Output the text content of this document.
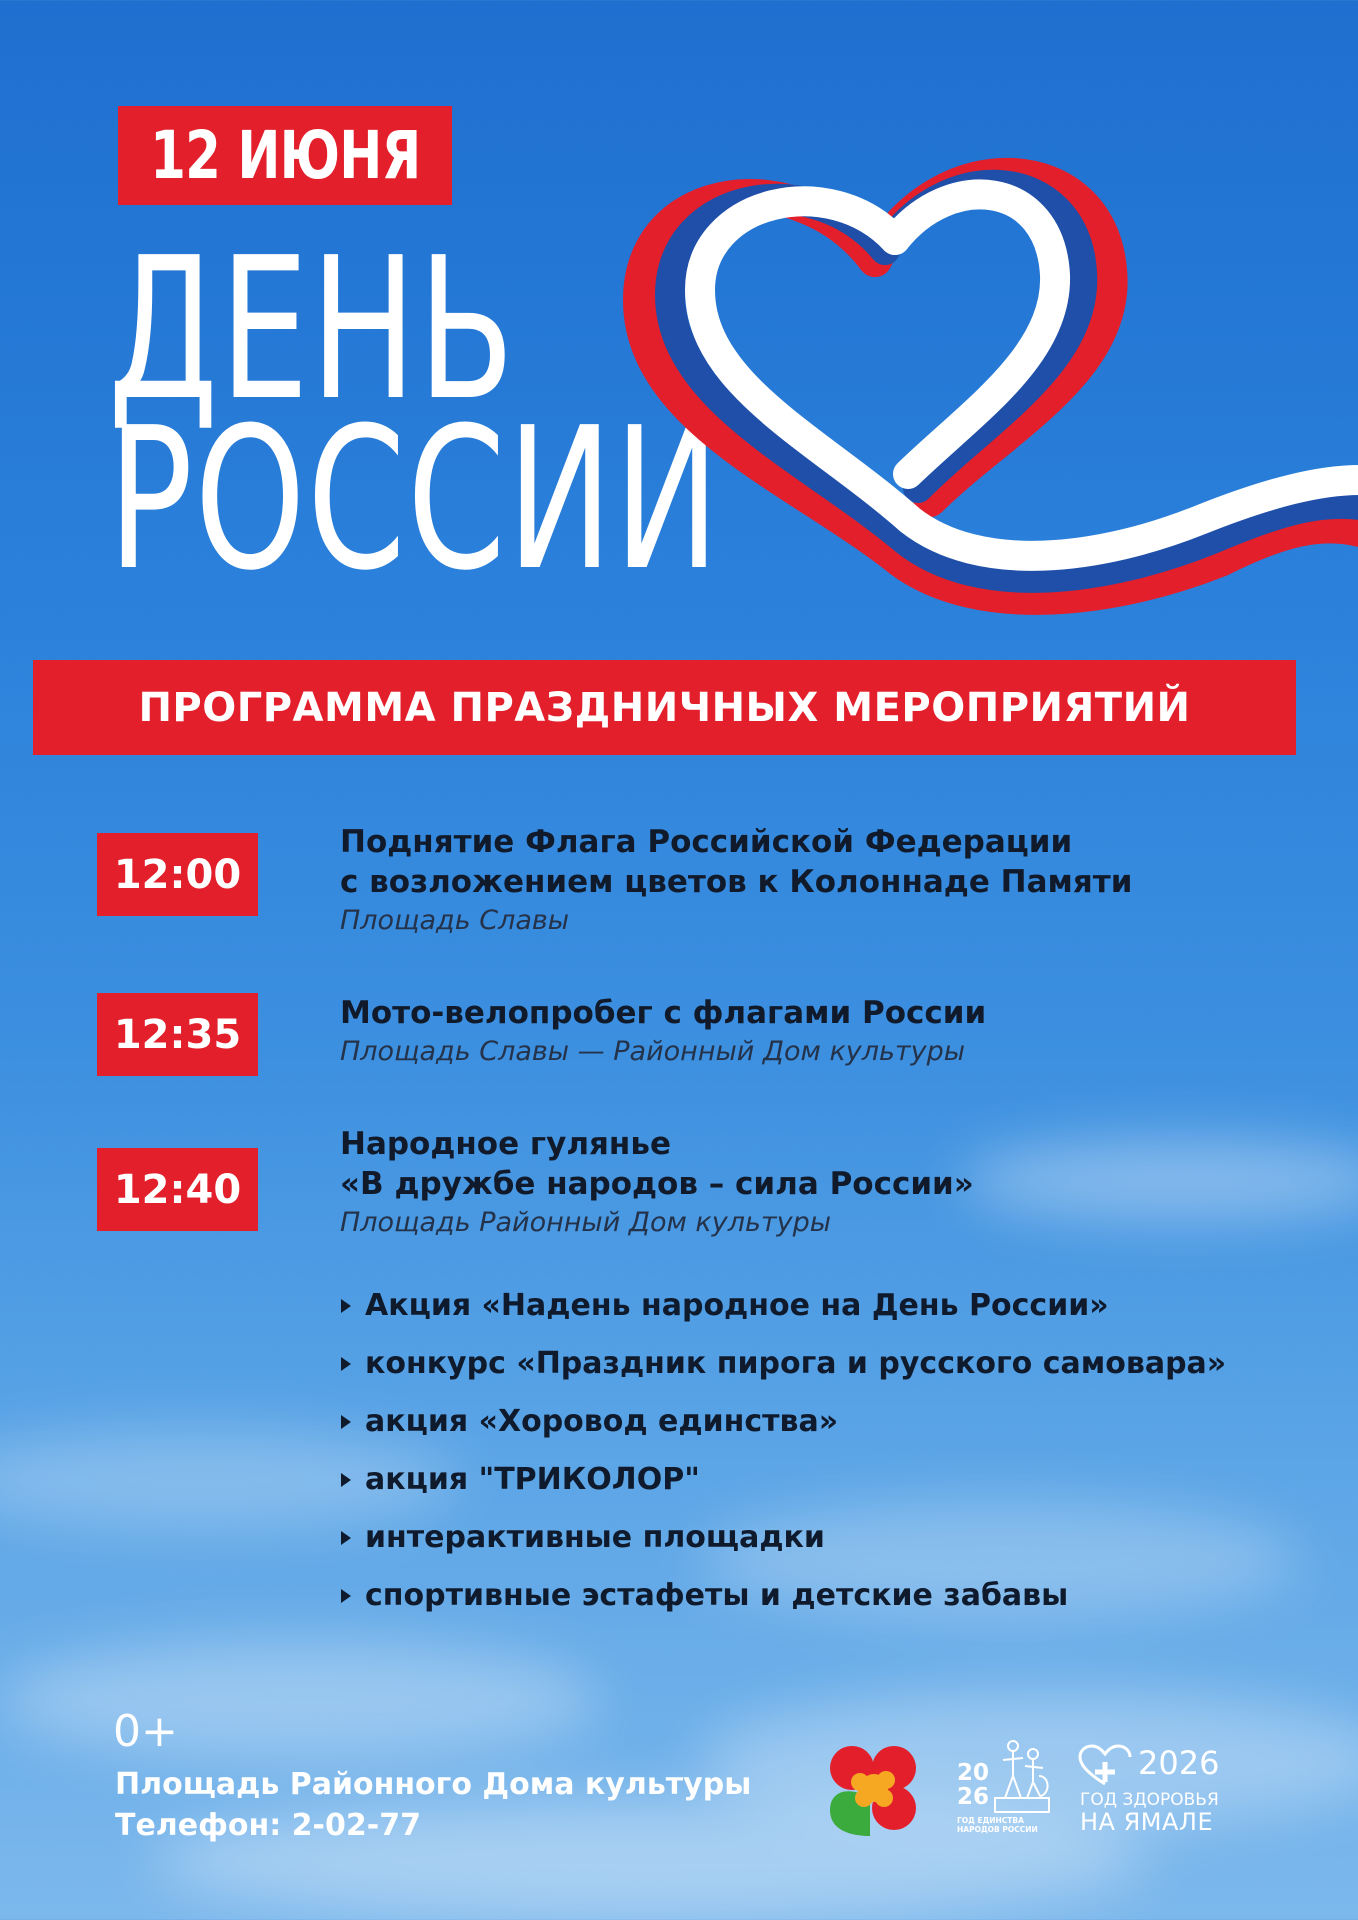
12 ИЮНЯ
ДЕНЬ
РОССИИ
ПРОГРАММА ПРАЗДНИЧНЫХ МЕРОПРИЯТИЙ
12:00
Поднятие Флага Российской Федерации
с возложением цветов к Колоннаде Памяти
Площадь Славы
12:35	Мото-велопробег с флагами России
Площадь Славы — Районный Дом культуры
12:40
Народное гулянье
«В дружбе народов – сила России»
Площадь Районный Дом культуры
Акция «Надень народное на День России»
конкурс «Праздник пирога и русского самовара»
акция «Хоровод единства»
акция "ТРИКОЛОР"
интерактивные площадки
спортивные эстафеты и детские забавы
0+
Площадь Районного Дома культуры
Телефон: 2-02-77
20
26
ГОД ЕДИНСТВА
НАРОДОВ РОССИИ
2026
ГОД ЗДОРОВЬЯ
НА ЯМАЛЕ
